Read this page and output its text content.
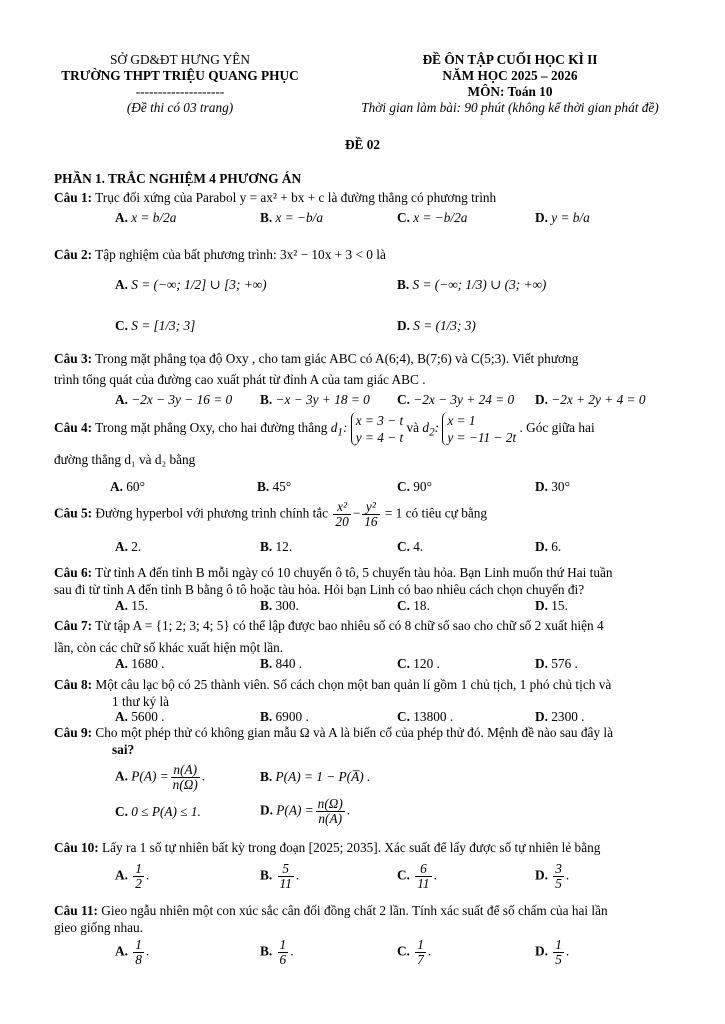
SỞ GD&ĐT HƯNG YÊN
TRƯỜNG THPT TRIỆU QUANG PHỤC
--------------------
(Đề thi có 03 trang)
ĐỀ ÔN TẬP CUỐI HỌC KÌ II
NĂM HỌC 2025 – 2026
MÔN: Toán 10
Thời gian làm bài: 90 phút (không kể thời gian phát đề)
ĐỀ 02
PHẦN 1. TRẮC NGHIỆM 4 PHƯƠNG ÁN
Câu 1: Trục đối xứng của Parabol y = ax² + bx + c là đường thẳng có phương trình
A. x = b/2a	B. x = −b/a	C. x = −b/2a	D. y = b/a
Câu 2: Tập nghiệm của bất phương trình: 3x² − 10x + 3 < 0 là
A. S = (−∞; 1/2] ∪ [3; +∞)	B. S = (−∞; 1/3) ∪ (3; +∞)
C. S = [1/3; 3]	D. S = (1/3; 3)
Câu 3: Trong mặt phẳng tọa độ Oxy , cho tam giác ABC có A(6;4), B(7;6) và C(5;3). Viết phương
trình tổng quát của đường cao xuất phát từ đỉnh A của tam giác ABC .
A. −2x − 3y − 16 = 0 B. −x − 3y + 18 = 0 C. −2x − 3y + 24 = 0 D. −2x + 2y + 4 = 0
Câu 4: Trong mặt phẳng Oxy, cho hai đường thẳng $d_1$: x = 3 − t
y = 4 − t
và $d_2$: x = 1
y = −11 − 2t
. Góc giữa hai
đường thẳng d₁ và d₂ bằng
A. 60°	B. 45°	C. 90°	D. 30°
Câu 5: Đường hyperbol với phương trình chính tắc $\frac{\text{x²}}{20} - \frac{\text{y²}}{16} = 1$ có tiêu cự bằng
A. 2.	B. 12.	C. 4.	D. 6.
Câu 6: Từ tỉnh A đến tỉnh B mỗi ngày có 10 chuyến ô tô, 5 chuyến tàu hỏa. Bạn Linh muốn thứ Hai tuần
sau đi từ tỉnh A đến tỉnh B bằng ô tô hoặc tàu hỏa. Hỏi bạn Linh có bao nhiêu cách chọn chuyến đi?
A. 15.	B. 300.	C. 18.	D. 15.
Câu 7: Từ tập A = {1; 2; 3; 4; 5} có thể lập được bao nhiêu số có 8 chữ số sao cho chữ số 2 xuất hiện 4
lần, còn các chữ số khác xuất hiện một lần.
A. 1680 .	B. 840 .	C. 120 .	D. 576 .
Câu 8: Một câu lạc bộ có 25 thành viên. Số cách chọn một ban quản lí gồm 1 chủ tịch, 1 phó chủ tịch và
1 thư ký là
A. 5600 .	B. 6900 .	C. 13800 .	D. 2300 .
Câu 9: Cho một phép thử có không gian mẫu Ω và A là biến cố của phép thử đó. Mệnh đề nào sau đây là
sai?
A. $P(A) = \frac{n(A)}{n(\Omega)}$ .	B. P(A) = 1 − P(A̅) .
C. 0 ≤ P(A) ≤ 1.	D. $P(A) = \frac{n(\Omega)}{n(A)}$ .
Câu 10: Lấy ra 1 số tự nhiên bất kỳ trong đoạn [2025; 2035]. Xác suất để lấy được số tự nhiên lẻ bằng
A. $\frac{1}{2}$ .	B. $\frac{5}{11}$ .	C. $\frac{6}{11}$ .	D. $\frac{3}{5}$ .
Câu 11: Gieo ngẫu nhiên một con xúc sắc cân đối đồng chất 2 lần. Tính xác suất để số chấm của hai lần
gieo giống nhau.
A. $\frac{1}{8}$ .	B. $\frac{1}{6}$ .	C. $\frac{1}{7}$ .	D. $\frac{1}{5}$ .
